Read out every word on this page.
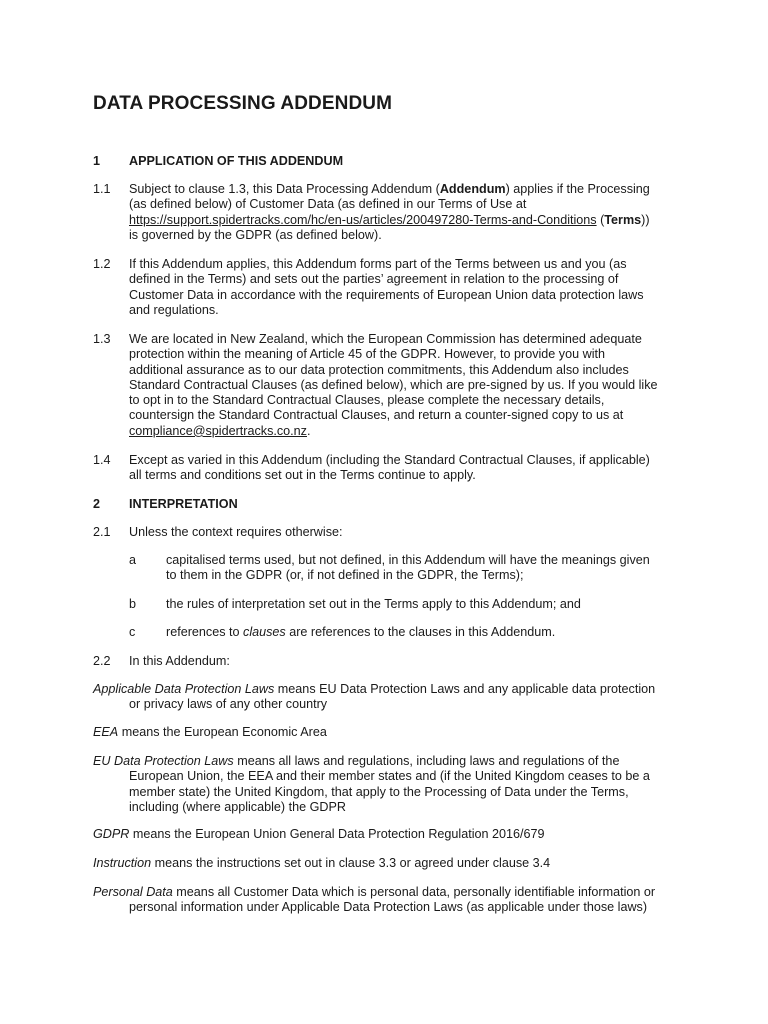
DATA PROCESSING ADDENDUM
1 APPLICATION OF THIS ADDENDUM
1.1 Subject to clause 1.3, this Data Processing Addendum (Addendum) applies if the Processing
(as defined below) of Customer Data (as defined in our Terms of Use at
https://support.spidertracks.com/hc/en-us/articles/200497280-Terms-and-Conditions (Terms))
is governed by the GDPR (as defined below).
1.2 If this Addendum applies, this Addendum forms part of the Terms between us and you (as
defined in the Terms) and sets out the parties’ agreement in relation to the processing of
Customer Data in accordance with the requirements of European Union data protection laws
and regulations.
1.3 We are located in New Zealand, which the European Commission has determined adequate
protection within the meaning of Article 45 of the GDPR. However, to provide you with
additional assurance as to our data protection commitments, this Addendum also includes
Standard Contractual Clauses (as defined below), which are pre-signed by us. If you would like
to opt in to the Standard Contractual Clauses, please complete the necessary details,
countersign the Standard Contractual Clauses, and return a counter-signed copy to us at
compliance@spidertracks.co.nz.
1.4 Except as varied in this Addendum (including the Standard Contractual Clauses, if applicable)
all terms and conditions set out in the Terms continue to apply.
2 INTERPRETATION
2.1 Unless the context requires otherwise:
a capitalised terms used, but not defined, in this Addendum will have the meanings given
to them in the GDPR (or, if not defined in the GDPR, the Terms);
b the rules of interpretation set out in the Terms apply to this Addendum; and
c references to clauses are references to the clauses in this Addendum.
2.2 In this Addendum:
Applicable Data Protection Laws means EU Data Protection Laws and any applicable data protection
or privacy laws of any other country
EEA means the European Economic Area
EU Data Protection Laws means all laws and regulations, including laws and regulations of the
European Union, the EEA and their member states and (if the United Kingdom ceases to be a
member state) the United Kingdom, that apply to the Processing of Data under the Terms,
including (where applicable) the GDPR
GDPR means the European Union General Data Protection Regulation 2016/679
Instruction means the instructions set out in clause 3.3 or agreed under clause 3.4
Personal Data means all Customer Data which is personal data, personally identifiable information or
personal information under Applicable Data Protection Laws (as applicable under those laws)
